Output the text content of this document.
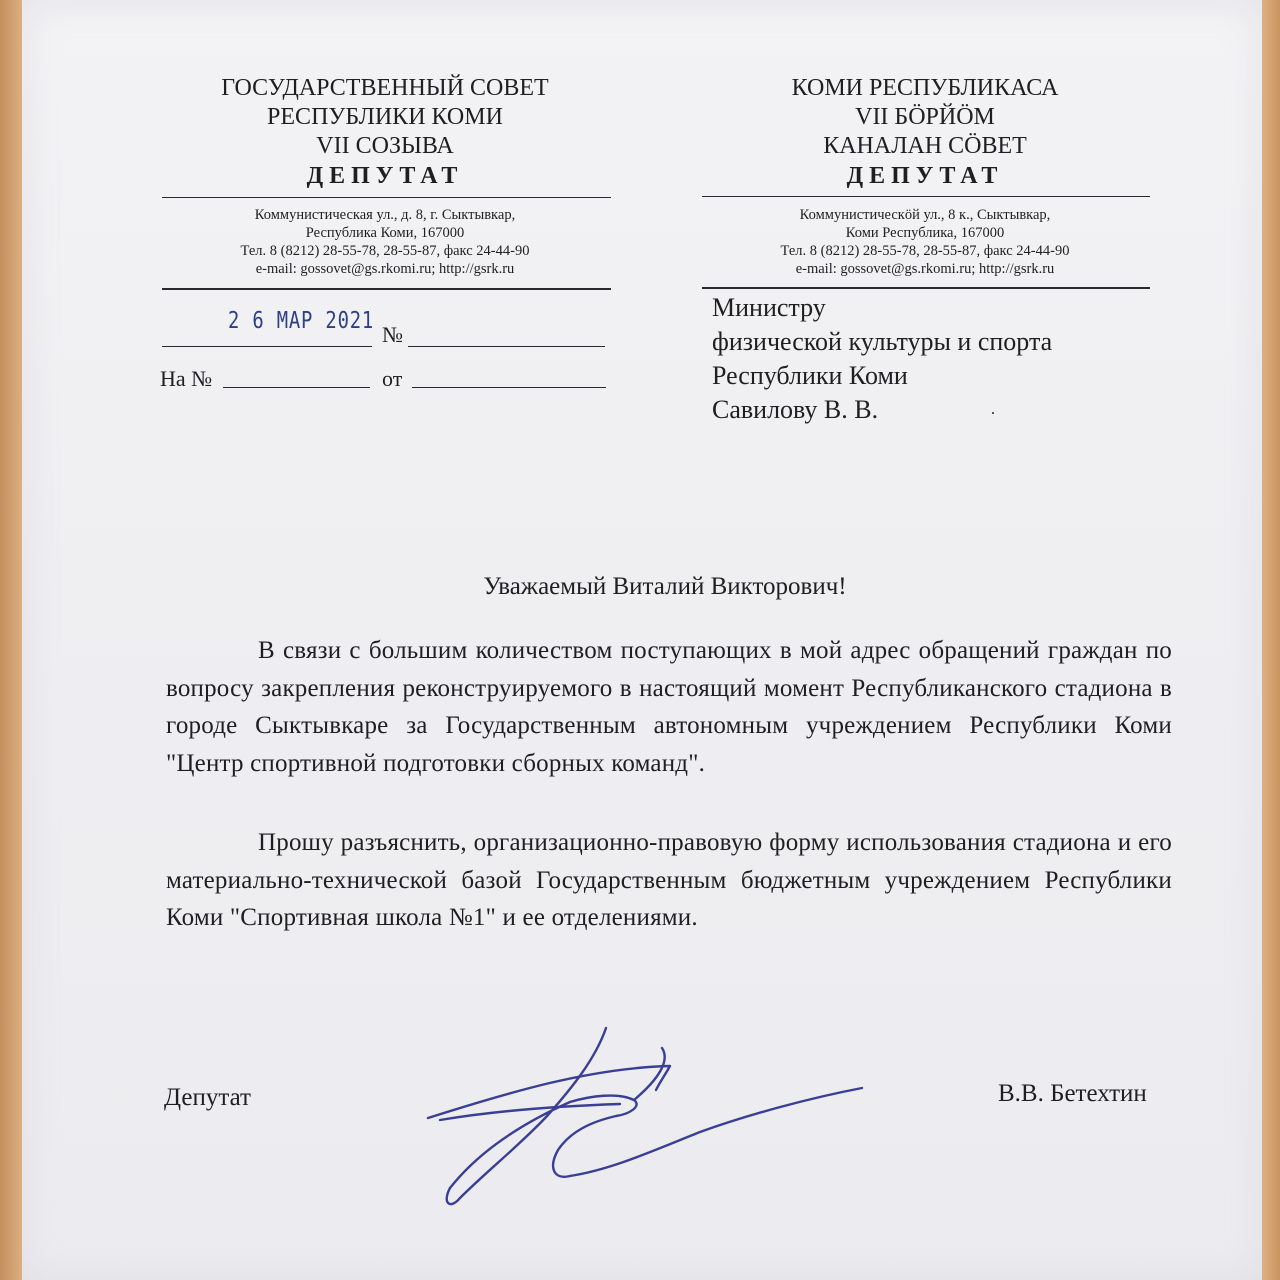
ГОСУДАРСТВЕННЫЙ СОВЕТ
РЕСПУБЛИКИ КОМИ
VII СОЗЫВА
ДЕПУТАТ
Коммунистическая ул., д. 8, г. Сыктывкар,
Республика Коми, 167000
Тел. 8 (8212) 28-55-78, 28-55-87, факс 24-44-90
e-mail: gossovet@gs.rkomi.ru; http://gsrk.ru
КОМИ РЕСПУБЛИКАСА
VII БÖРЙÖМ
КАНАЛАН СÖВЕТ
ДЕПУТАТ
Коммунистическöй ул., 8 к., Сыктывкар,
Коми Республика, 167000
Тел. 8 (8212) 28-55-78, 28-55-87, факс 24-44-90
e-mail: gossovet@gs.rkomi.ru; http://gsrk.ru
2 6 МАР 2021
№
На №	от
Министру
физической культуры и спорта
Республики Коми
Савилову В. В.
Уважаемый Виталий Викторович!
В связи с большим количеством поступающих в мой адрес обращений граждан по вопросу закрепления реконструируемого в настоящий момент Республиканского стадиона в городе Сыктывкаре за Государственным автономным учреждением Республики Коми "Центр спортивной подготовки сборных команд".
Прошу разъяснить, организационно-правовую форму использования стадиона и его материально-технической базой Государственным бюджетным учреждением Республики Коми "Спортивная школа №1" и ее отделениями.
Депутат	В.В. Бетехтин
